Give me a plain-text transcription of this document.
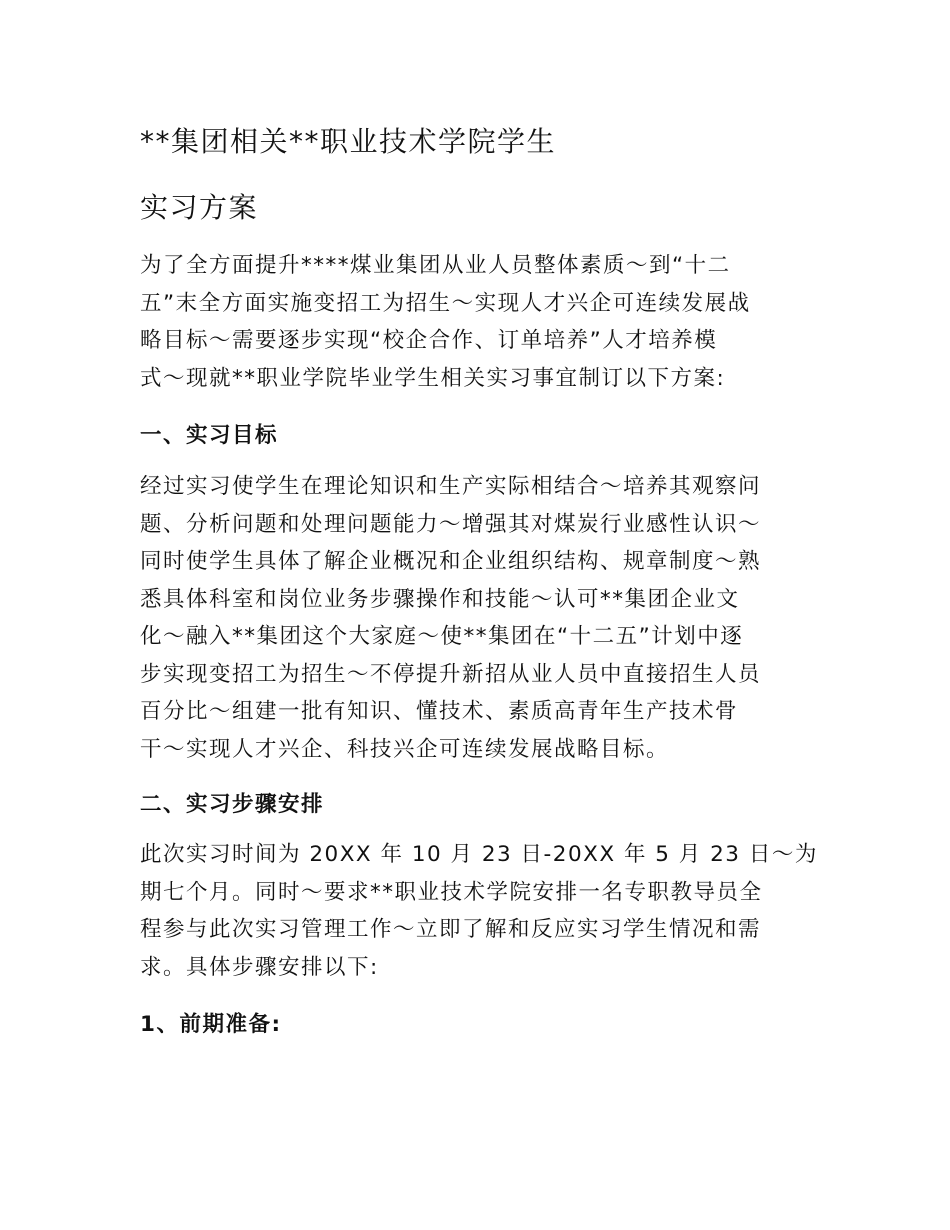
**集团相关**职业技术学院学生
实习方案

为了全方面提升****煤业集团从业人员整体素质～到“十二
五”末全方面实施变招工为招生～实现人才兴企可连续发展战
略目标～需要逐步实现“校企合作、订单培养”人才培养模
式～现就**职业学院毕业学生相关实习事宜制订以下方案:

一、实习目标

经过实习使学生在理论知识和生产实际相结合～培养其观察问
题、分析问题和处理问题能力～增强其对煤炭行业感性认识～
同时使学生具体了解企业概况和企业组织结构、规章制度～熟
悉具体科室和岗位业务步骤操作和技能～认可**集团企业文
化～融入**集团这个大家庭～使**集团在“十二五”计划中逐
步实现变招工为招生～不停提升新招从业人员中直接招生人员
百分比～组建一批有知识、懂技术、素质高青年生产技术骨
干～实现人才兴企、科技兴企可连续发展战略目标。

二、实习步骤安排

此次实习时间为 20XX 年 10 月 23 日-20XX 年 5 月 23 日～为
期七个月。同时～要求**职业技术学院安排一名专职教导员全
程参与此次实习管理工作～立即了解和反应实习学生情况和需
求。具体步骤安排以下:

1、前期准备:
